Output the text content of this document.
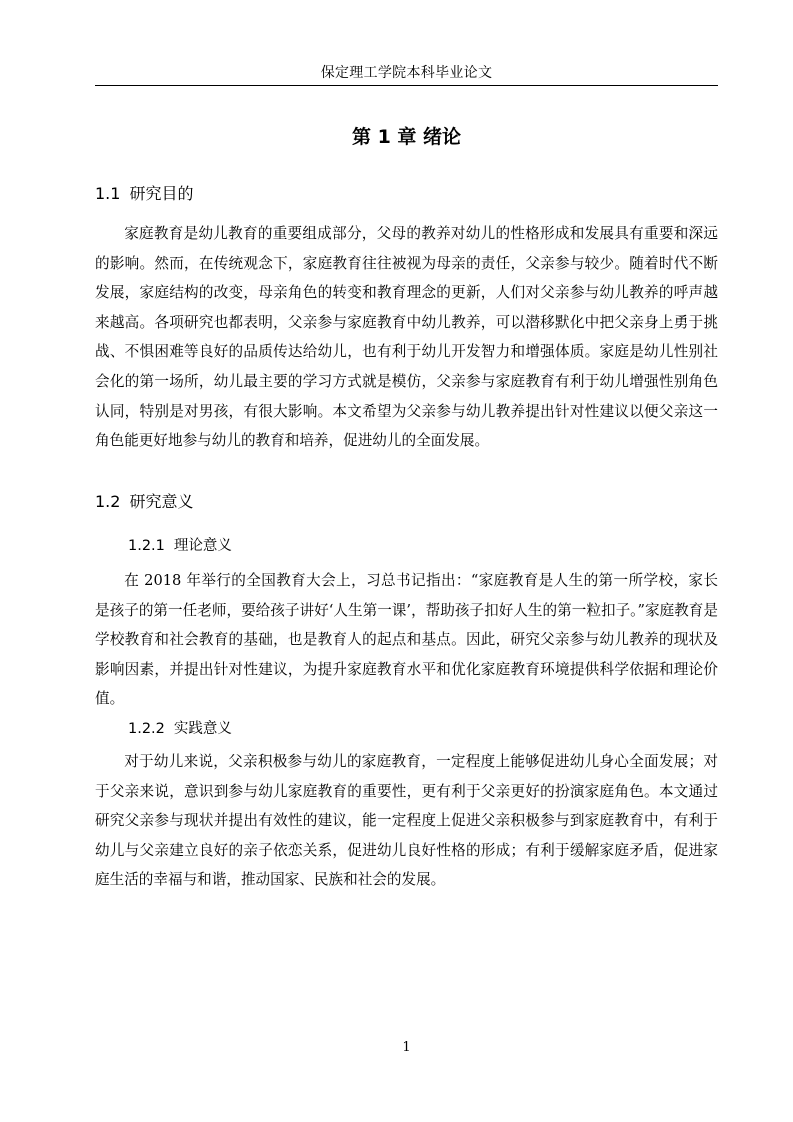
保定理工学院本科毕业论文
第 1 章 绪论
1.1 研究目的

家庭教育是幼儿教育的重要组成部分，父母的教养对幼儿的性格形成和发展具有重要和深远的影响。然而，在传统观念下，家庭教育往往被视为母亲的责任，父亲参与较少。随着时代不断发展，家庭结构的改变，母亲角色的转变和教育理念的更新，人们对父亲参与幼儿教养的呼声越来越高。各项研究也都表明，父亲参与家庭教育中幼儿教养，可以潜移默化中把父亲身上勇于挑战、不惧困难等良好的品质传达给幼儿，也有利于幼儿开发智力和增强体质。家庭是幼儿性别社会化的第一场所，幼儿最主要的学习方式就是模仿，父亲参与家庭教育有利于幼儿增强性别角色认同，特别是对男孩，有很大影响。本文希望为父亲参与幼儿教养提出针对性建议以便父亲这一角色能更好地参与幼儿的教育和培养，促进幼儿的全面发展。

1.2 研究意义
1.2.1 理论意义

在 2018 年举行的全国教育大会上，习总书记指出：“家庭教育是人生的第一所学校，家长是孩子的第一任老师，要给孩子讲好‘人生第一课’，帮助孩子扣好人生的第一粒扣子。”家庭教育是学校教育和社会教育的基础，也是教育人的起点和基点。因此，研究父亲参与幼儿教养的现状及影响因素，并提出针对性建议，为提升家庭教育水平和优化家庭教育环境提供科学依据和理论价值。

1.2.2 实践意义

对于幼儿来说，父亲积极参与幼儿的家庭教育，一定程度上能够促进幼儿身心全面发展；对于父亲来说，意识到参与幼儿家庭教育的重要性，更有利于父亲更好的扮演家庭角色。本文通过研究父亲参与现状并提出有效性的建议，能一定程度上促进父亲积极参与到家庭教育中，有利于幼儿与父亲建立良好的亲子依恋关系，促进幼儿良好性格的形成；有利于缓解家庭矛盾，促进家庭生活的幸福与和谐，推动国家、民族和社会的发展。

1
